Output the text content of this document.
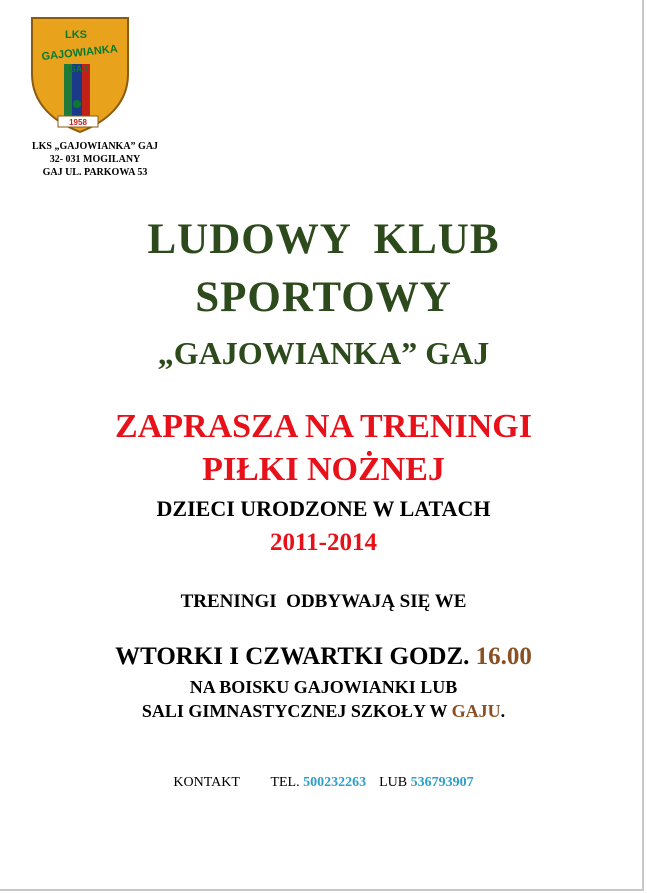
LKS
GAJOWIANKA
GAJ
1958
LKS „GAJOWIANKA” GAJ
32- 031 MOGILANY
GAJ UL. PARKOWA 53
LUDOWY  KLUB
SPORTOWY
„GAJOWIANKA” GAJ
ZAPRASZA NA TRENINGI
PIŁKI NOŻNEJ
DZIECI URODZONE W LATACH
2011-2014
TRENINGI  ODBYWAJĄ SIĘ WE
WTORKI I CZWARTKI GODZ. 16.00
NA BOISKU GAJOWIANKI LUB
SALI GIMNASTYCZNEJ SZKOŁY W GAJU.
KONTAKT TEL. 500232263 LUB 536793907
